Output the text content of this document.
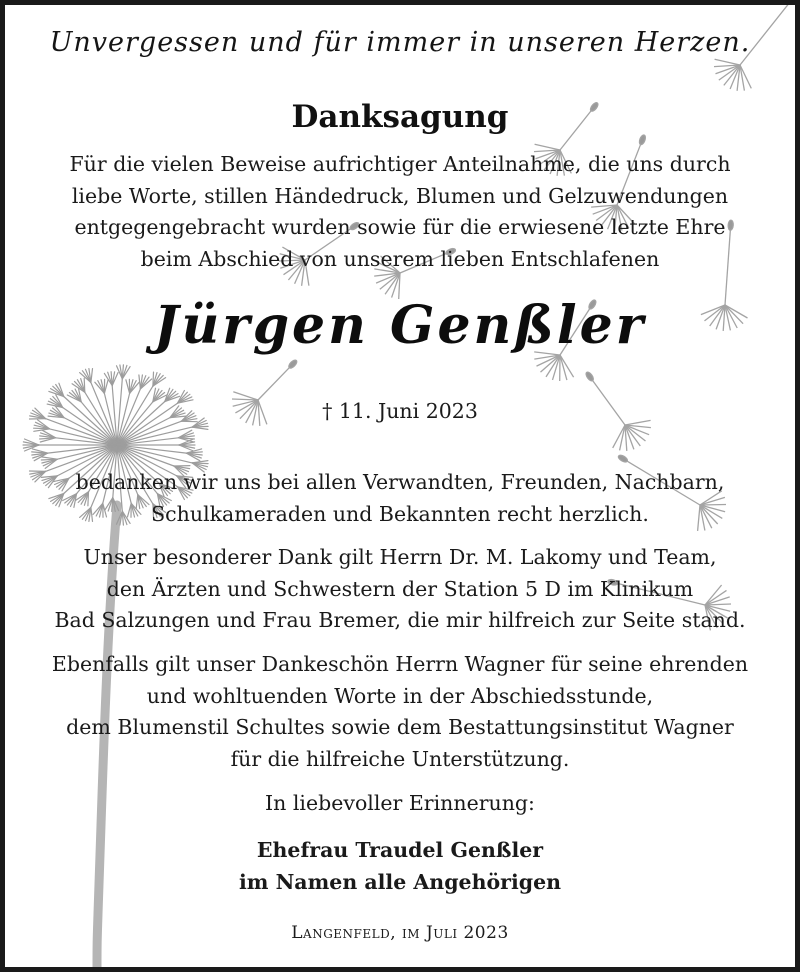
Unvergessen und für immer in unseren Herzen.
Danksagung
Für die vielen Beweise aufrichtiger Anteilnahme, die uns durch
liebe Worte, stillen Händedruck, Blumen und Gelzuwendungen
entgegengebracht wurden sowie für die erwiesene letzte Ehre
beim Abschied von unserem lieben Entschlafenen
Jürgen Genßler
† 11. Juni 2023
bedanken wir uns bei allen Verwandten, Freunden, Nachbarn,
Schulkameraden und Bekannten recht herzlich.
Unser besonderer Dank gilt Herrn Dr. M. Lakomy und Team,
den Ärzten und Schwestern der Station 5 D im Klinikum
Bad Salzungen und Frau Bremer, die mir hilfreich zur Seite stand.
Ebenfalls gilt unser Dankeschön Herrn Wagner für seine ehrenden
und wohltuenden Worte in der Abschiedsstunde,
dem Blumenstil Schultes sowie dem Bestattungsinstitut Wagner
für die hilfreiche Unterstützung.
In liebevoller Erinnerung:
Ehefrau Traudel Genßler
im Namen alle Angehörigen
Langenfeld, im Juli 2023
